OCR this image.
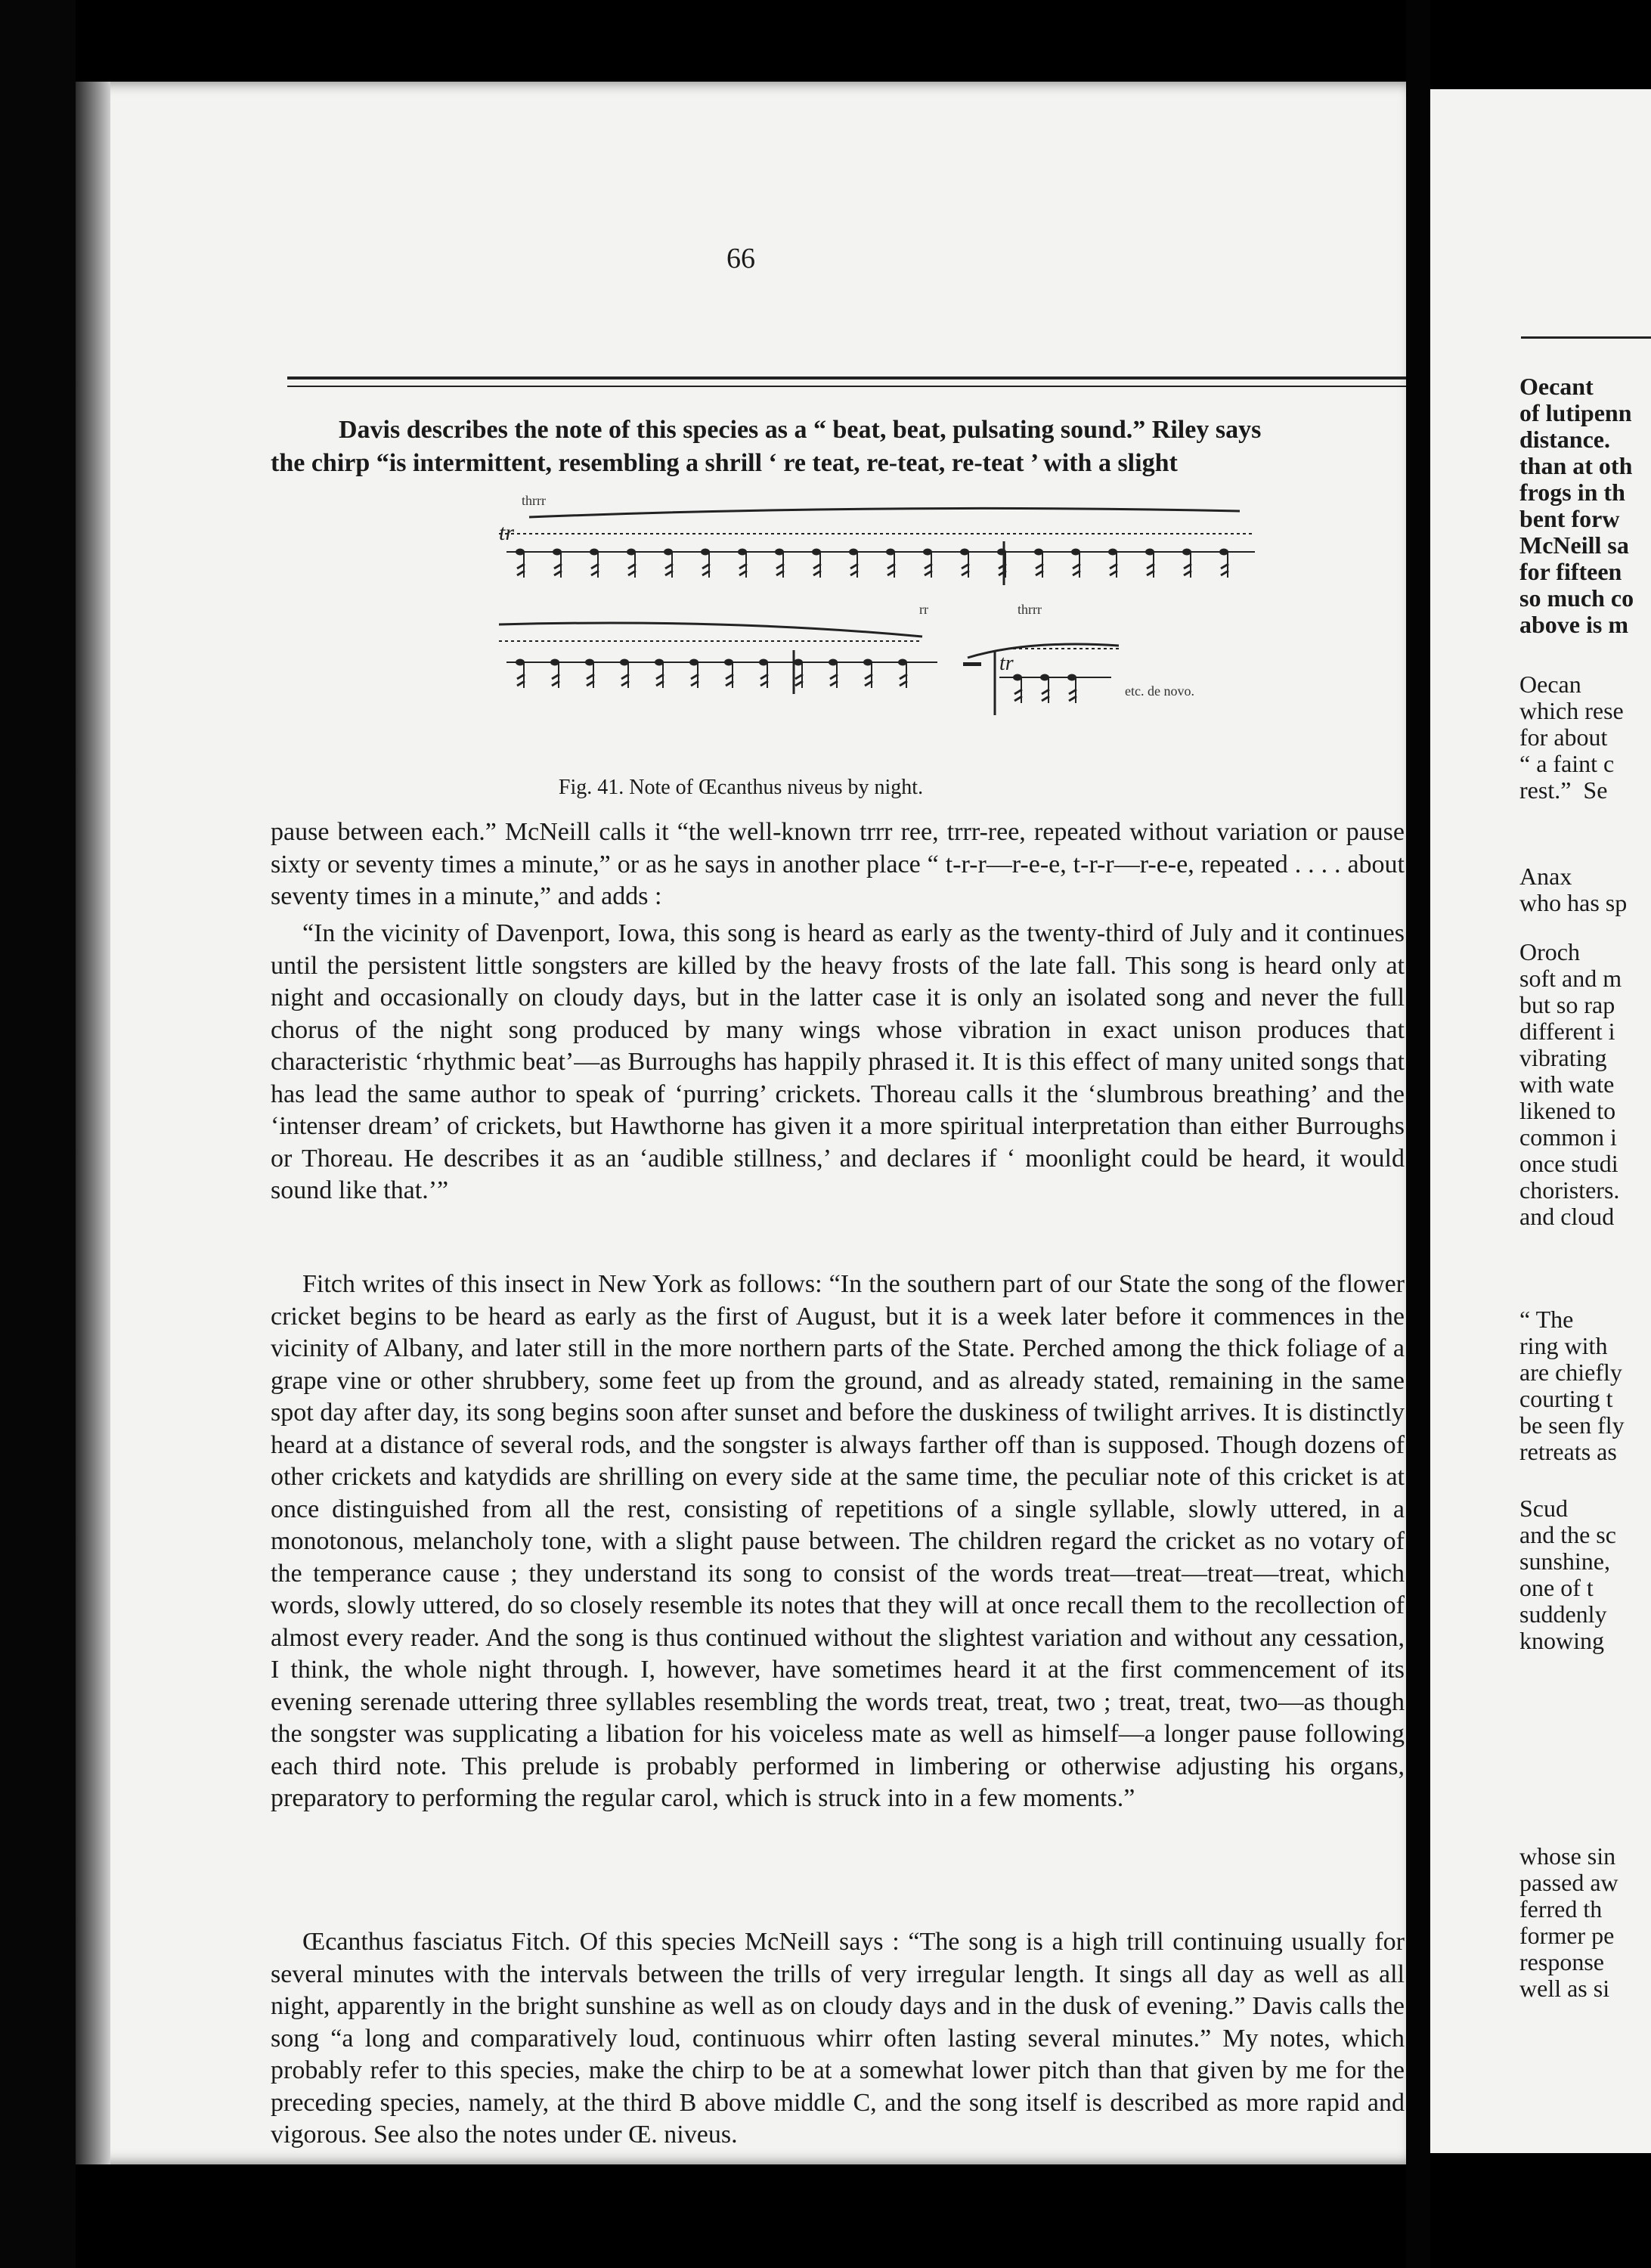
66
Davis describes the note of this species as a “ beat, beat, pulsating sound.” Riley says
the chirp “is intermittent, resembling a shrill ‘ re teat, re-teat, re-teat ’ with a slight
thrrr
tr
rr	thrrr
tr
etc. de novo.
Fig. 41. Note of Œcanthus niveus by night.

pause between each.” McNeill calls it “the well-known trrr ree, trrr-ree, repeated without variation or pause sixty or seventy times a minute,” or as he says in another place “ t-r-r—r-e-e, t-r-r—r-e-e, repeated . . . . about seventy times in a minute,” and adds :

“In the vicinity of Davenport, Iowa, this song is heard as early as the twenty-third of July and it continues until the persistent little songsters are killed by the heavy frosts of the late fall. This song is heard only at night and occasionally on cloudy days, but in the latter case it is only an isolated song and never the full chorus of the night song produced by many wings whose vibration in exact unison produces that characteristic ‘rhythmic beat’—as Burroughs has happily phrased it. It is this effect of many united songs that has lead the same author to speak of ‘purring’ crickets. Thoreau calls it the ‘slumbrous breathing’ and the ‘intenser dream’ of crickets, but Hawthorne has given it a more spiritual interpretation than either Burroughs or Thoreau. He describes it as an ‘audible stillness,’ and declares if ‘ moonlight could be heard, it would sound like that.’”

Fitch writes of this insect in New York as follows: “In the southern part of our State the song of the flower cricket begins to be heard as early as the first of August, but it is a week later before it commences in the vicinity of Albany, and later still in the more northern parts of the State. Perched among the thick foliage of a grape vine or other shrubbery, some feet up from the ground, and as already stated, remaining in the same spot day after day, its song begins soon after sunset and before the duskiness of twilight arrives. It is distinctly heard at a distance of several rods, and the songster is always farther off than is supposed. Though dozens of other crickets and katydids are shrilling on every side at the same time, the peculiar note of this cricket is at once distinguished from all the rest, consisting of repetitions of a single syllable, slowly uttered, in a monotonous, melancholy tone, with a slight pause between. The children regard the cricket as no votary of the temperance cause ; they understand its song to consist of the words treat—treat—treat—treat, which words, slowly uttered, do so closely resemble its notes that they will at once recall them to the recollection of almost every reader. And the song is thus continued without the slightest variation and without any cessation, I think, the whole night through. I, however, have sometimes heard it at the first commencement of its evening serenade uttering three syllables resembling the words treat, treat, two ; treat, treat, two—as though the songster was supplicating a libation for his voiceless mate as well as himself—a longer pause following each third note. This prelude is probably performed in limbering or otherwise adjusting his organs, preparatory to performing the regular carol, which is struck into in a few moments.”

Œcanthus fasciatus Fitch. Of this species McNeill says : “The song is a high trill continuing usually for several minutes with the intervals between the trills of very irregular length. It sings all day as well as all night, apparently in the bright sunshine as well as on cloudy days and in the dusk of evening.” Davis calls the song “a long and comparatively loud, continuous whirr often lasting several minutes.” My notes, which probably refer to this species, make the chirp to be at a somewhat lower pitch than that given by me for the preceding species, namely, at the third B above middle C, and the song itself is described as more rapid and vigorous. See also the notes under Œ. niveus.

Oecant
of lutipenn
distance.
than at oth
frogs in th
bent forw
McNeill sa
for fifteen
so much co
above is m

Oecan
which rese
for about
“ a faint c
rest.”  Se

Anax
who has sp

Oroch
soft and m
but so rap
different i
vibrating
with wate
likened to
common i
once studi
choristers.
and cloud

“ The
ring with
are chiefly
courting t
be seen fly
retreats as

Scud
and the sc
sunshine,
one of t
suddenly
knowing

whose sin
passed aw
ferred th
former pe
response
well as si
